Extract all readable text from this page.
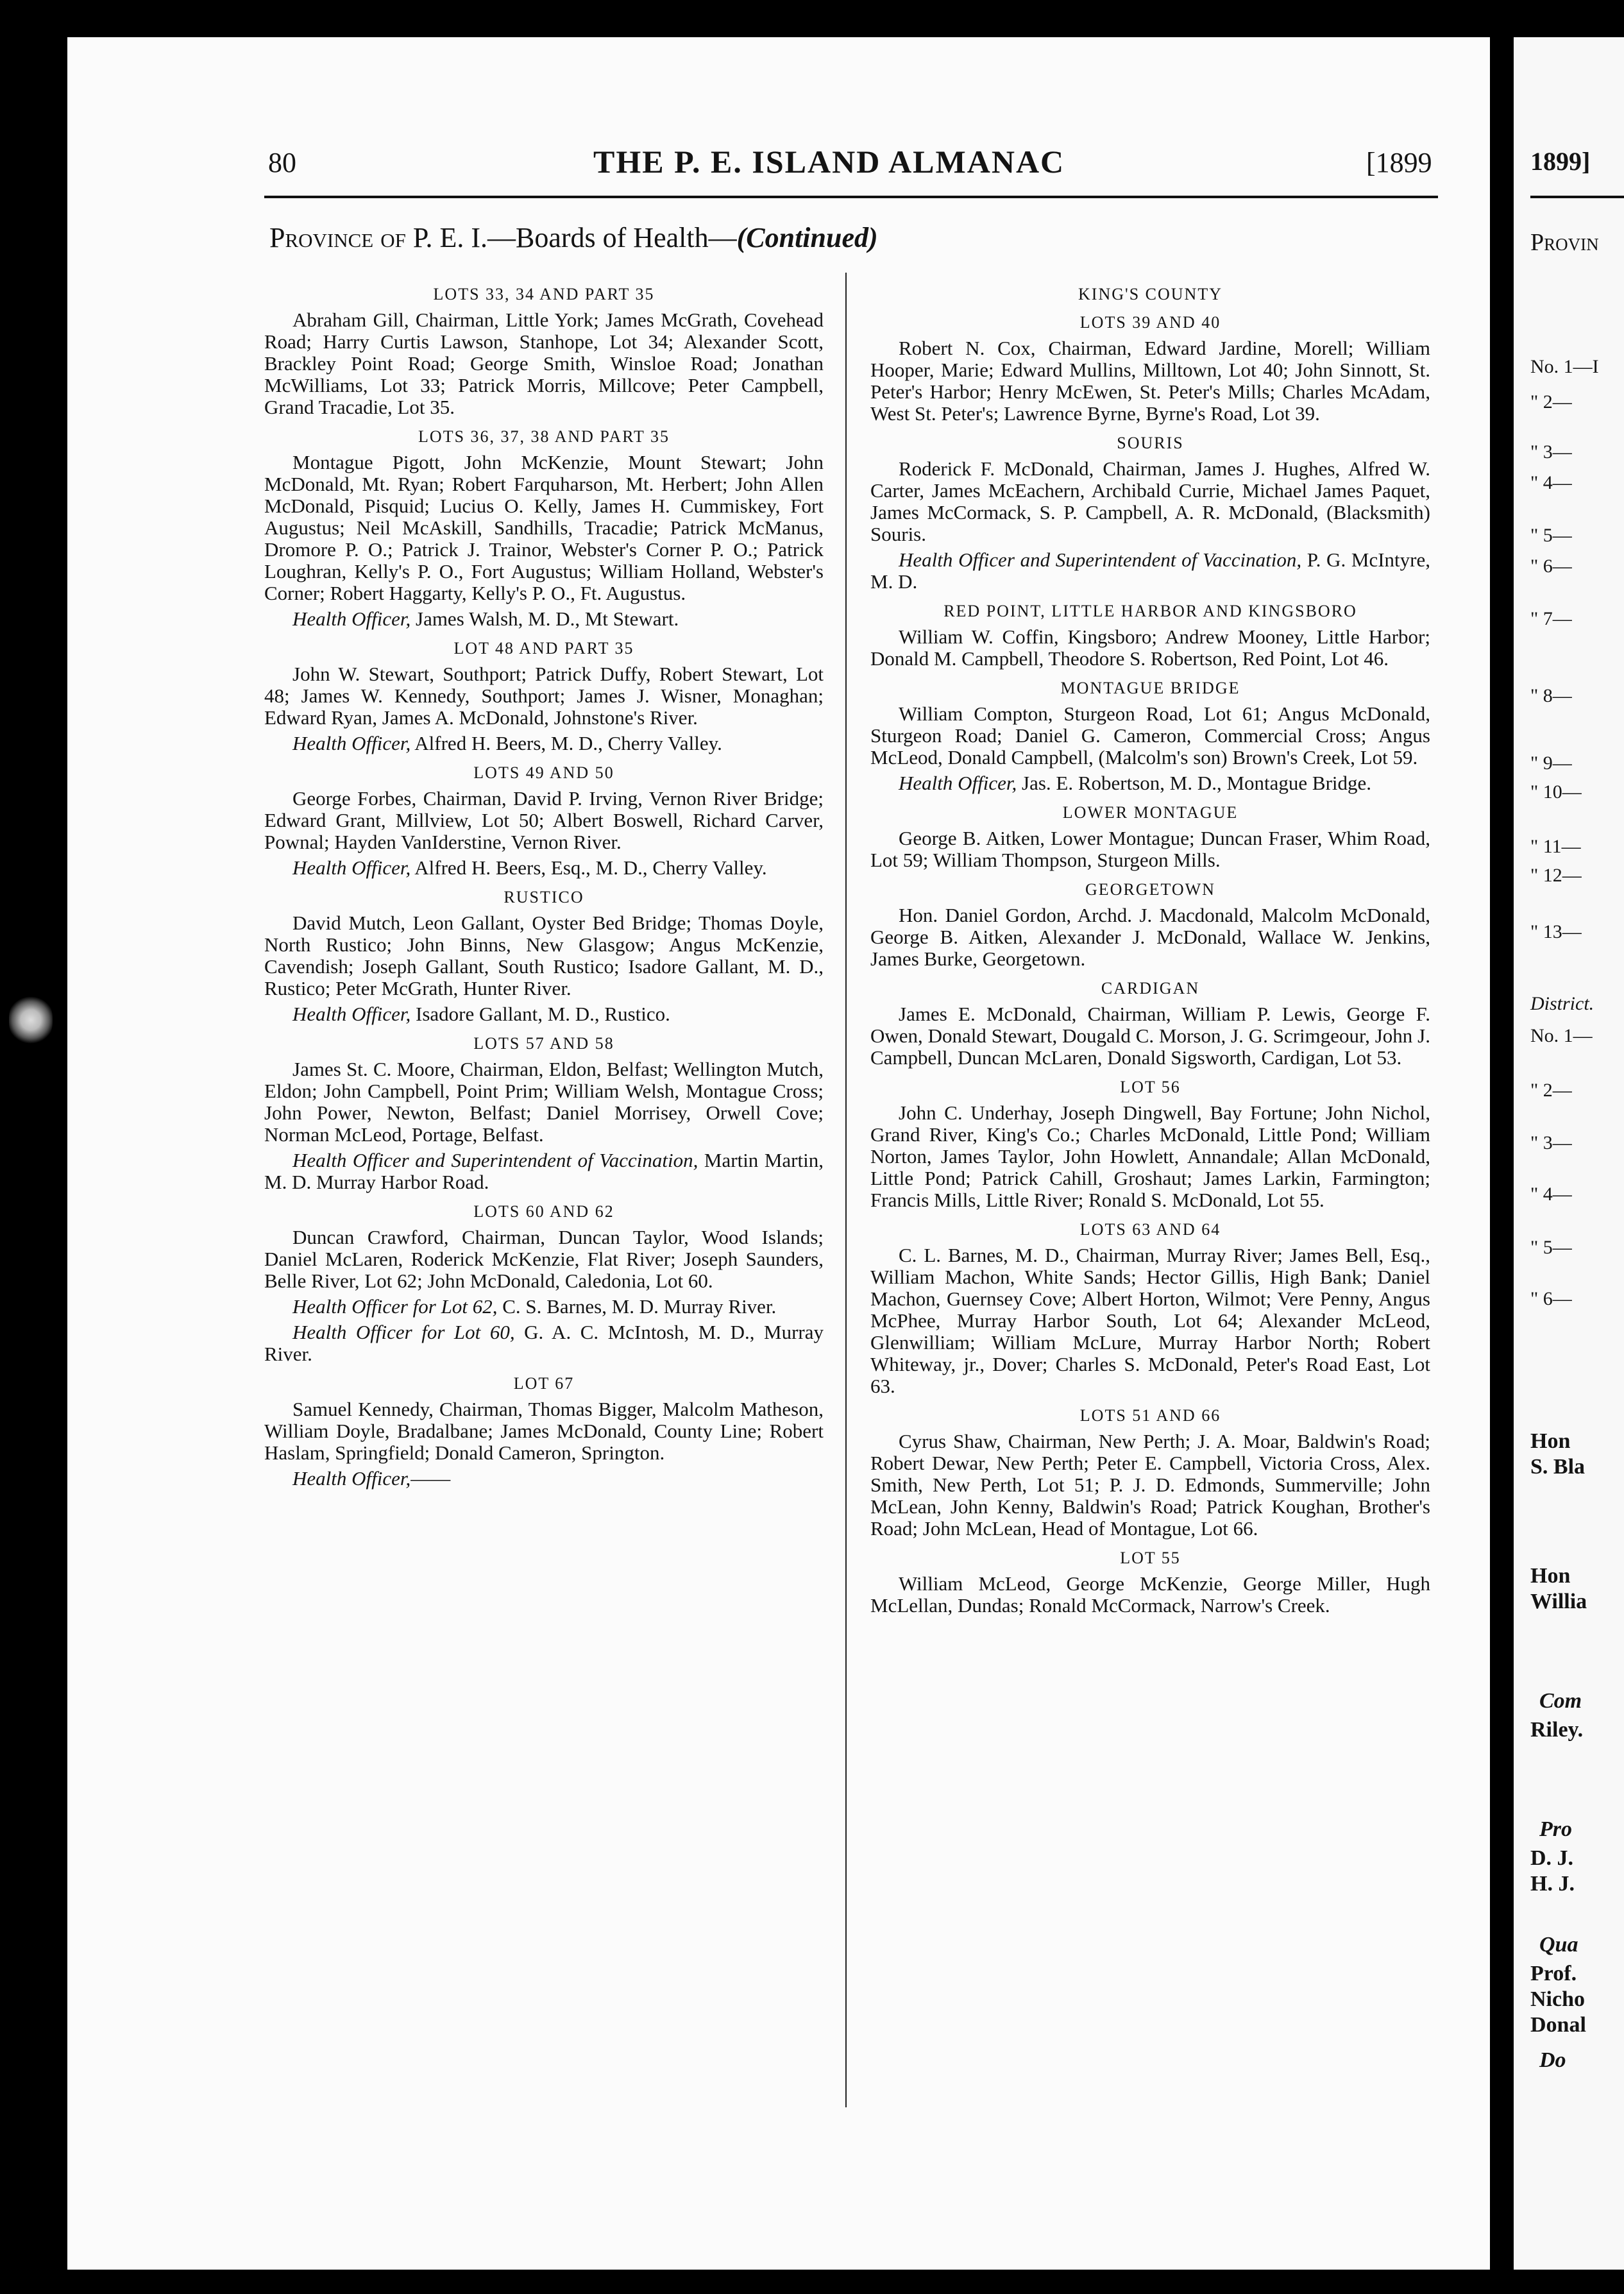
80	THE P. E. ISLAND ALMANAC	[1899
Province of P. E. I.—Boards of Health—(Continued)
LOTS 33, 34 AND PART 35

Abraham Gill, Chairman, Little York; James McGrath, Covehead Road; Harry Curtis Lawson, Stanhope, Lot 34; Alexander Scott, Brackley Point Road; George Smith, Winsloe Road; Jonathan McWilliams, Lot 33; Patrick Morris, Millcove; Peter Campbell, Grand Tracadie, Lot 35.

LOTS 36, 37, 38 AND PART 35

Montague Pigott, John McKenzie, Mount Stewart; John McDonald, Mt. Ryan; Robert Farquharson, Mt. Herbert; John Allen McDonald, Pisquid; Lucius O. Kelly, James H. Cummiskey, Fort Augustus; Neil McAskill, Sandhills, Tracadie; Patrick McManus, Dromore P. O.; Patrick J. Trainor, Webster's Corner P. O.; Patrick Loughran, Kelly's P. O., Fort Augustus; William Holland, Webster's Corner; Robert Haggarty, Kelly's P. O., Ft. Augustus.

Health Officer, James Walsh, M. D., Mt Stewart.

LOT 48 AND PART 35

John W. Stewart, Southport; Patrick Duffy, Robert Stewart, Lot 48; James W. Kennedy, Southport; James J. Wisner, Monaghan; Edward Ryan, James A. McDonald, Johnstone's River.

Health Officer, Alfred H. Beers, M. D., Cherry Valley.

LOTS 49 AND 50

George Forbes, Chairman, David P. Irving, Vernon River Bridge; Edward Grant, Millview, Lot 50; Albert Boswell, Richard Carver, Pownal; Hayden VanIderstine, Vernon River.

Health Officer, Alfred H. Beers, Esq., M. D., Cherry Valley.

RUSTICO

David Mutch, Leon Gallant, Oyster Bed Bridge; Thomas Doyle, North Rustico; John Binns, New Glasgow; Angus McKenzie, Cavendish; Joseph Gallant, South Rustico; Isadore Gallant, M. D., Rustico; Peter McGrath, Hunter River.

Health Officer, Isadore Gallant, M. D., Rustico.

LOTS 57 AND 58

James St. C. Moore, Chairman, Eldon, Belfast; Wellington Mutch, Eldon; John Campbell, Point Prim; William Welsh, Montague Cross; John Power, Newton, Belfast; Daniel Morrisey, Orwell Cove; Norman McLeod, Portage, Belfast.

Health Officer and Superintendent of Vaccination, Martin Martin, M. D. Murray Harbor Road.

LOTS 60 AND 62

Duncan Crawford, Chairman, Duncan Taylor, Wood Islands; Daniel McLaren, Roderick McKenzie, Flat River; Joseph Saunders, Belle River, Lot 62; John McDonald, Caledonia, Lot 60.

Health Officer for Lot 62, C. S. Barnes, M. D. Murray River.

Health Officer for Lot 60, G. A. C. McIntosh, M. D., Murray River.

LOT 67

Samuel Kennedy, Chairman, Thomas Bigger, Malcolm Matheson, William Doyle, Bradalbane; James McDonald, County Line; Robert Haslam, Springfield; Donald Cameron, Springton.

Health Officer,——

KING'S COUNTY
LOTS 39 AND 40

Robert N. Cox, Chairman, Edward Jardine, Morell; William Hooper, Marie; Edward Mullins, Milltown, Lot 40; John Sinnott, St. Peter's Harbor; Henry McEwen, St. Peter's Mills; Charles McAdam, West St. Peter's; Lawrence Byrne, Byrne's Road, Lot 39.

SOURIS

Roderick F. McDonald, Chairman, James J. Hughes, Alfred W. Carter, James McEachern, Archibald Currie, Michael James Paquet, James McCormack, S. P. Campbell, A. R. McDonald, (Blacksmith) Souris.

Health Officer and Superintendent of Vaccination, P. G. McIntyre, M. D.

RED POINT, LITTLE HARBOR AND KINGSBORO

William W. Coffin, Kingsboro; Andrew Mooney, Little Harbor; Donald M. Campbell, Theodore S. Robertson, Red Point, Lot 46.

MONTAGUE BRIDGE

William Compton, Sturgeon Road, Lot 61; Angus McDonald, Sturgeon Road; Daniel G. Cameron, Commercial Cross; Angus McLeod, Donald Campbell, (Malcolm's son) Brown's Creek, Lot 59.

Health Officer, Jas. E. Robertson, M. D., Montague Bridge.

LOWER MONTAGUE

George B. Aitken, Lower Montague; Duncan Fraser, Whim Road, Lot 59; William Thompson, Sturgeon Mills.

GEORGETOWN

Hon. Daniel Gordon, Archd. J. Macdonald, Malcolm McDonald, George B. Aitken, Alexander J. McDonald, Wallace W. Jenkins, James Burke, Georgetown.

CARDIGAN

James E. McDonald, Chairman, William P. Lewis, George F. Owen, Donald Stewart, Dougald C. Morson, J. G. Scrimgeour, John J. Campbell, Duncan McLaren, Donald Sigsworth, Cardigan, Lot 53.

LOT 56

John C. Underhay, Joseph Dingwell, Bay Fortune; John Nichol, Grand River, King's Co.; Charles McDonald, Little Pond; William Norton, James Taylor, John Howlett, Annandale; Allan McDonald, Little Pond; Patrick Cahill, Groshaut; James Larkin, Farmington; Francis Mills, Little River; Ronald S. McDonald, Lot 55.

LOTS 63 AND 64

C. L. Barnes, M. D., Chairman, Murray River; James Bell, Esq., William Machon, White Sands; Hector Gillis, High Bank; Daniel Machon, Guernsey Cove; Albert Horton, Wilmot; Vere Penny, Angus McPhee, Murray Harbor South, Lot 64; Alexander McLeod, Glenwilliam; William McLure, Murray Harbor North; Robert Whiteway, jr., Dover; Charles S. McDonald, Peter's Road East, Lot 63.

LOTS 51 AND 66

Cyrus Shaw, Chairman, New Perth; J. A. Moar, Baldwin's Road; Robert Dewar, New Perth; Peter E. Campbell, Victoria Cross, Alex. Smith, New Perth, Lot 51; P. J. D. Edmonds, Summerville; John McLean, John Kenny, Baldwin's Road; Patrick Koughan, Brother's Road; John McLean, Head of Montague, Lot 66.

LOT 55

William McLeod, George McKenzie, George Miller, Hugh McLellan, Dundas; Ronald McCormack, Narrow's Creek.

1899]
Provin
No. 1—I
" 2—
" 3—
" 4—
" 5—
" 6—
" 7—
" 8—
" 9—
" 10—
" 11—
" 12—
" 13—
District.
No. 1—
" 2—
" 3—
" 4—
" 5—
" 6—
Hon
S. Bla
Hon
Willia
Riley.
D. J.
H. J.
Prof.
Nicho
Donal
Com
Pro
Qua
Do
